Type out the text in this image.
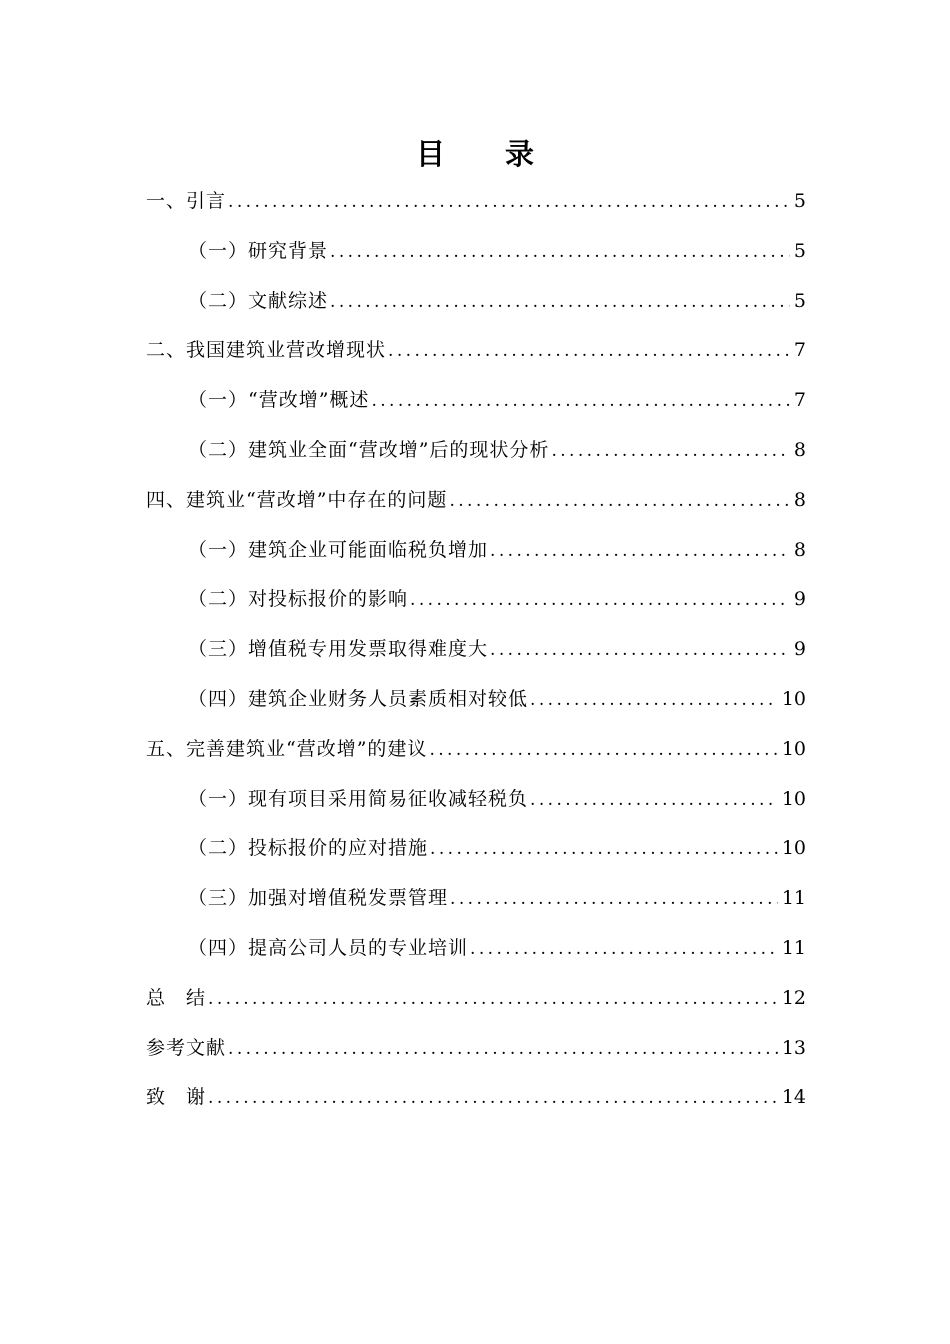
目 录
一、引言 . . .	5
（一）研究背景 . . .	5
（二）文献综述 . . .	5
二、我国建筑业营改增现状 . . .	7
（一）“营改增”概述 . . .	7
（二）建筑业全面“营改增”后的现状分析 . . .	8
四、建筑业“营改增”中存在的问题 . . .	8
（一）建筑企业可能面临税负增加 . . .	8
（二）对投标报价的影响 . . .	9
（三）增值税专用发票取得难度大 . . .	9
（四）建筑企业财务人员素质相对较低 . . .	10
五、完善建筑业“营改增”的建议 . . .	10
（一）现有项目采用简易征收减轻税负 . . .	10
（二）投标报价的应对措施 . . .	10
（三）加强对增值税发票管理 . . .	11
（四）提高公司人员的专业培训 . . .	11
总　结 . . .	12
参考文献 . . .	13
致　谢 . . .	14
